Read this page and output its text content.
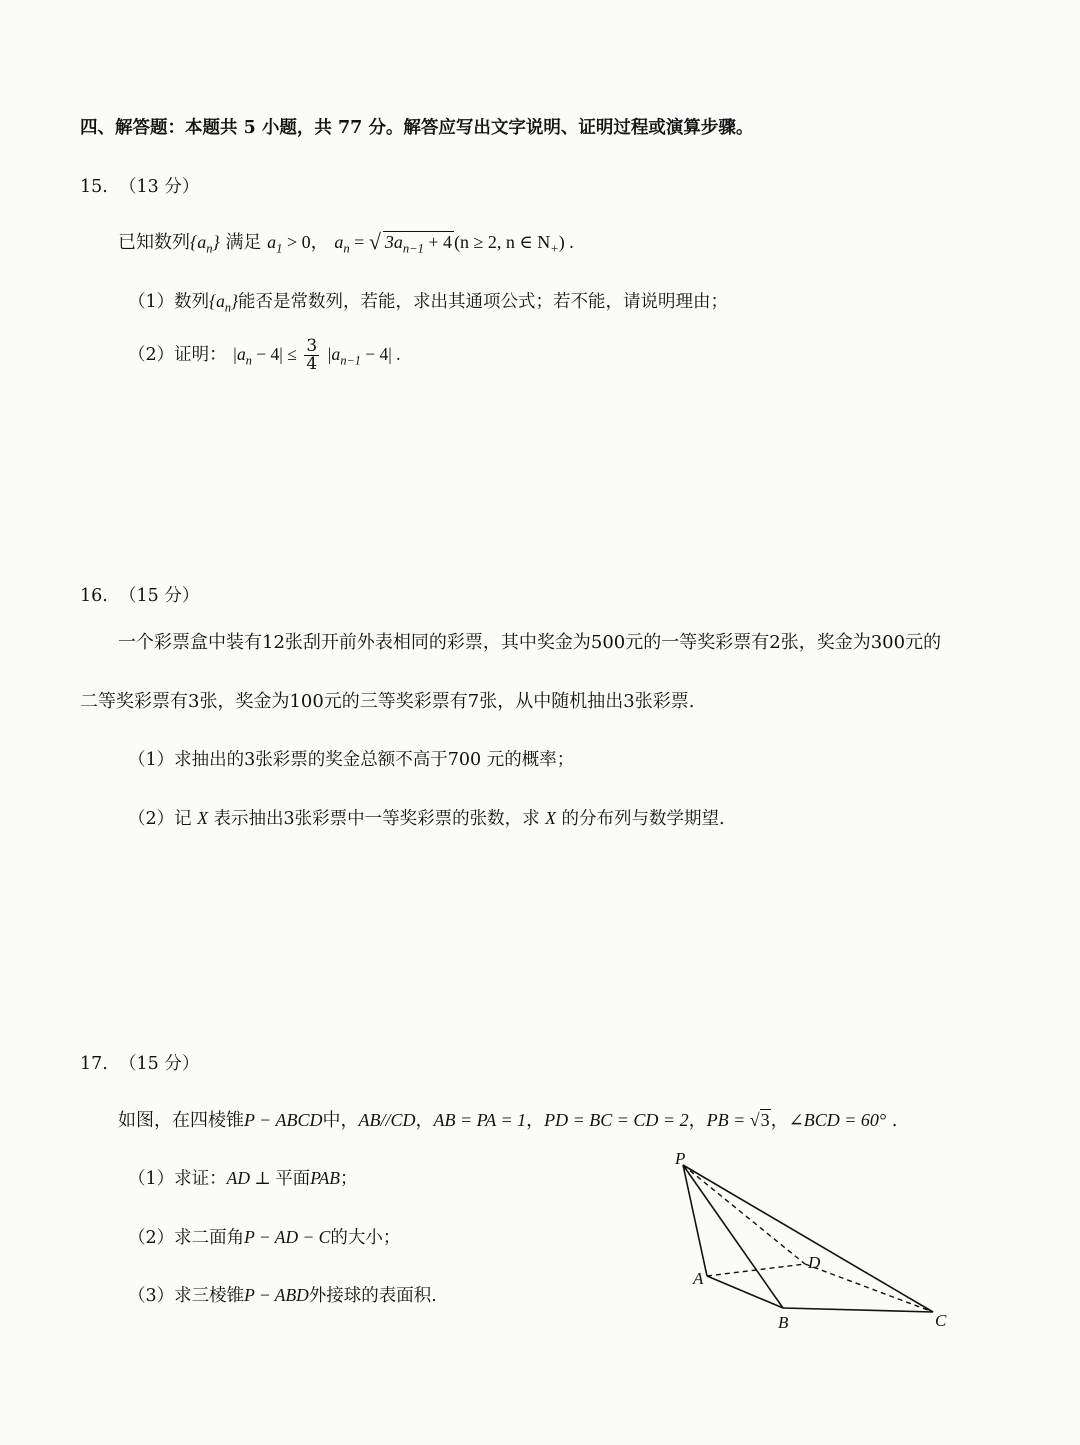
四、解答题：本题共 5 小题，共 77 分。解答应写出文字说明、证明过程或演算步骤。
15. （13 分）
已知数列$\{a_n\}$ 满足 $a_1 > 0$， $a_n$ = √ $3a_{n-1} + 4$ (n ≥ 2, n ∈ $N_+$) .
（1）数列$\{a_n\}$能否是常数列，若能，求出其通项公式；若不能，请说明理由；
（2）证明： $|a_n - 4| \le \frac{3}{4} |a_{n-1} - 4|$ .
16. （15 分）
一个彩票盒中装有12张刮开前外表相同的彩票，其中奖金为500元的一等奖彩票有2张，奖金为300元的
二等奖彩票有3张，奖金为100元的三等奖彩票有7张，从中随机抽出3张彩票.
（1）求抽出的3张彩票的奖金总额不高于700 元的概率；
（2）记 X 表示抽出3张彩票中一等奖彩票的张数，求 X 的分布列与数学期望.
17. （15 分）
如图，在四棱锥P − ABCD中，AB//CD，AB = PA = 1，PD = BC = CD = 2，PB = √3，∠BCD = 60° .
（1）求证：AD ⊥ 平面PAB；
（2）求二面角P − AD − C的大小；
（3）求三棱锥P − ABD外接球的表面积.
P
A
B	C
D
